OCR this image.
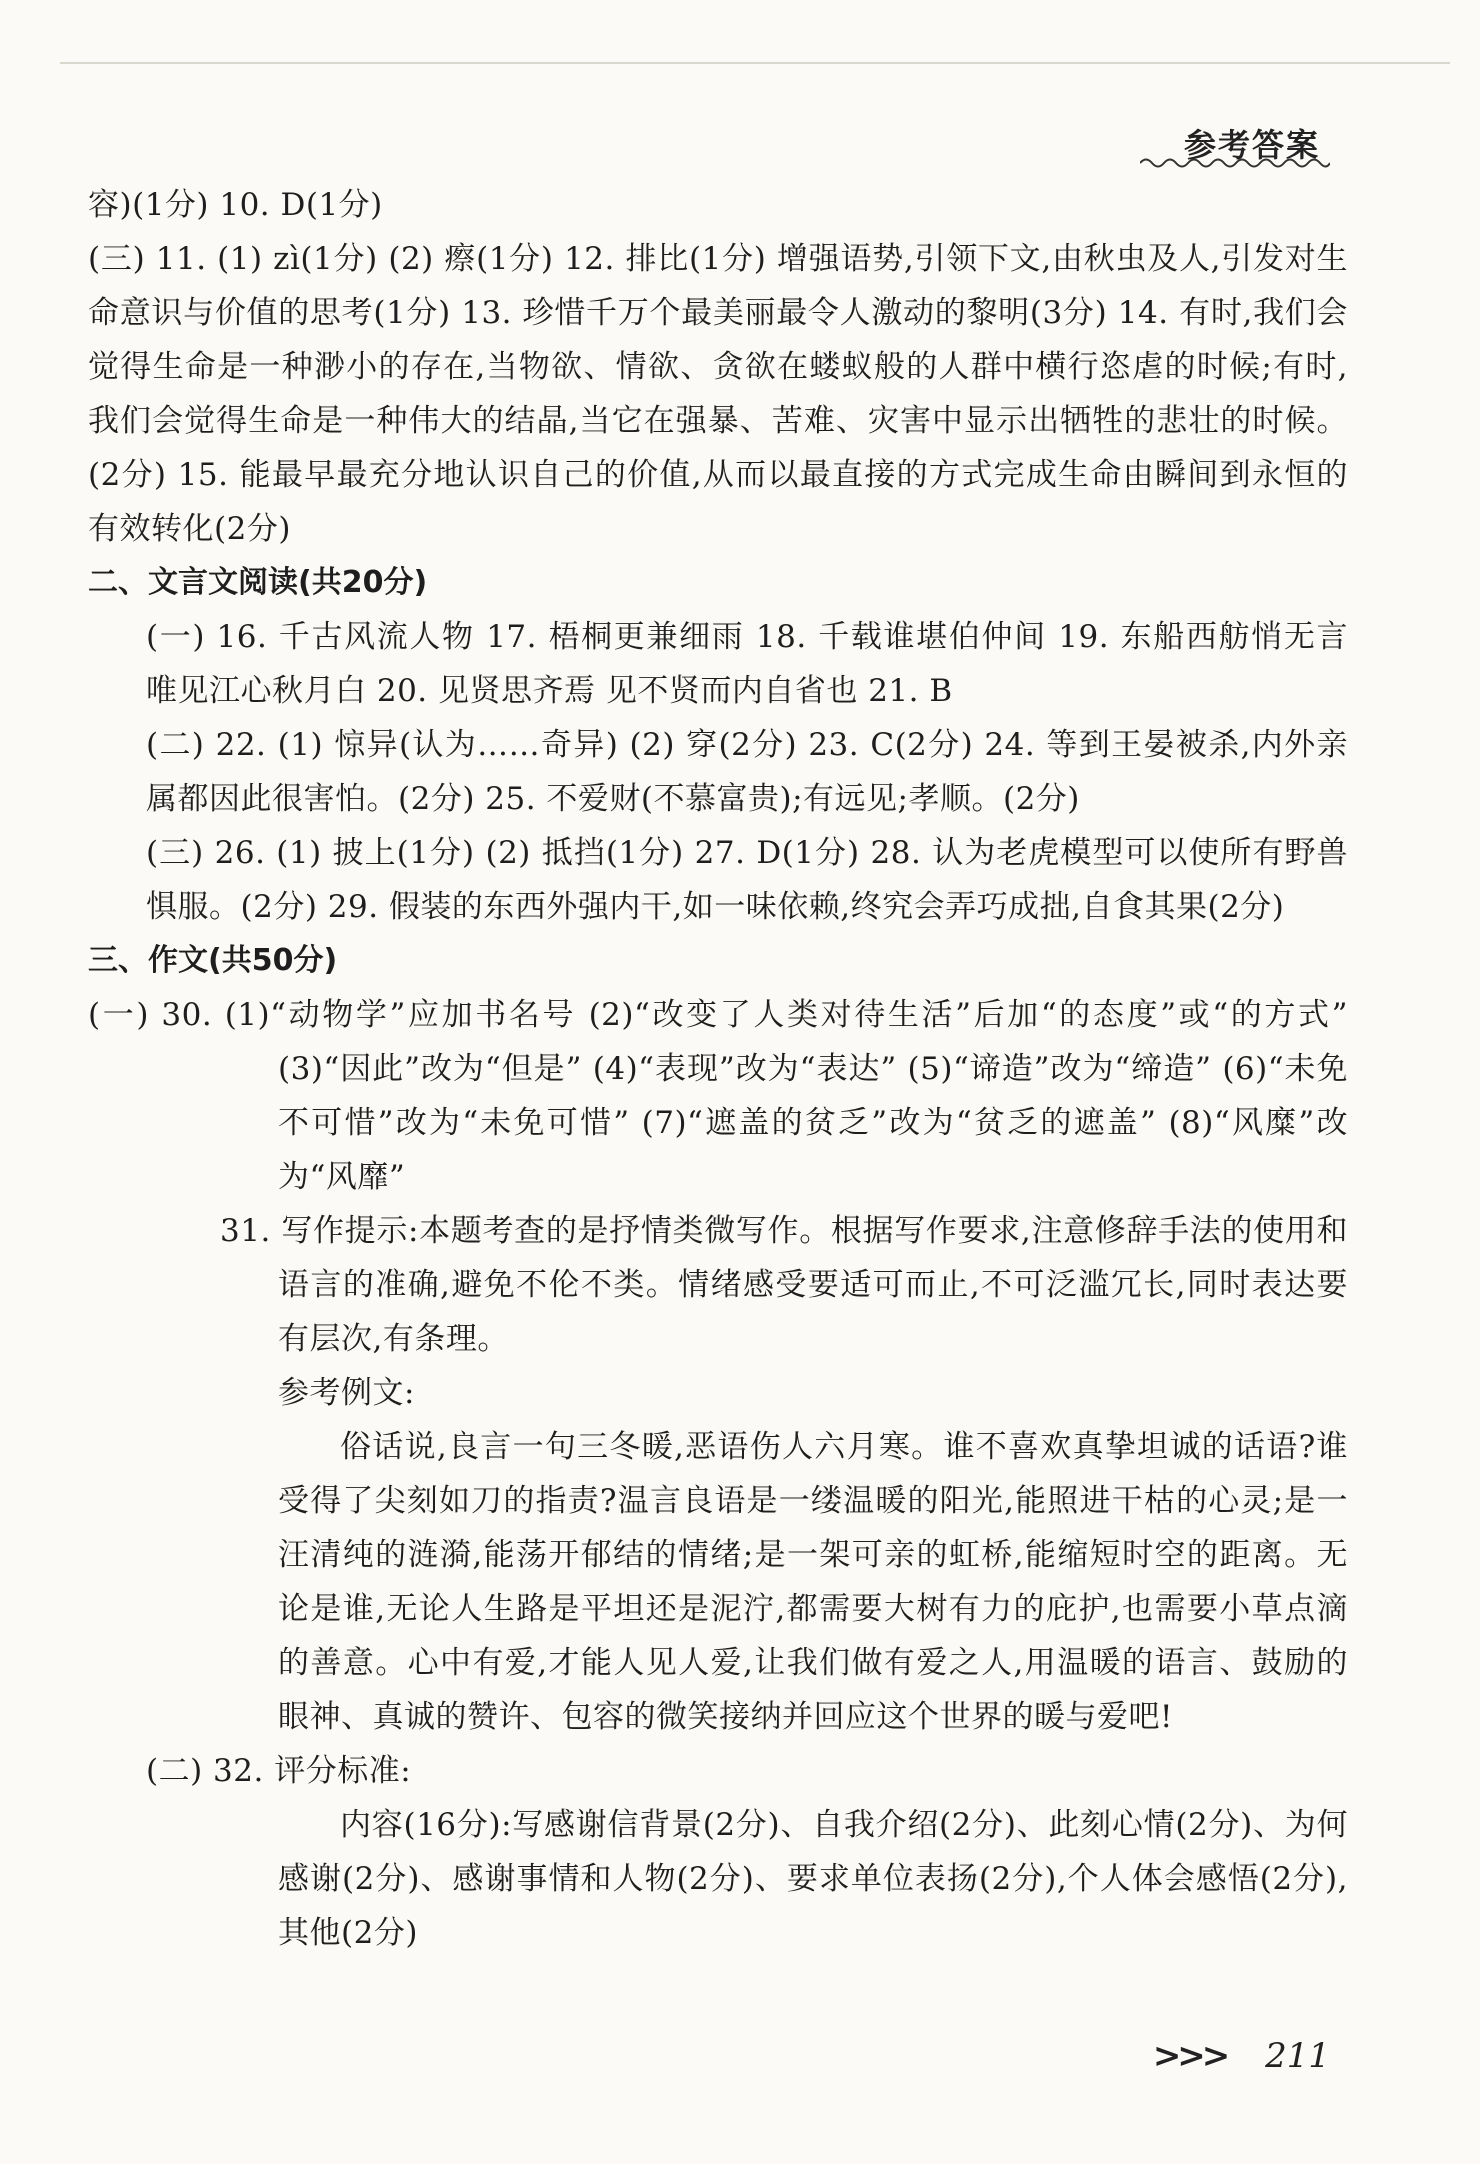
参考答案

容)(1分) 10. D(1分)

(三) 11. (1) zì(1分) (2) 瘵(1分) 12. 排比(1分) 增强语势,引领下文,由秋虫及人,引发对生命意识与价值的思考(1分) 13. 珍惜千万个最美丽最令人激动的黎明(3分) 14. 有时,我们会觉得生命是一种渺小的存在,当物欲、情欲、贪欲在蝼蚁般的人群中横行恣虐的时候;有时,我们会觉得生命是一种伟大的结晶,当它在强暴、苦难、灾害中显示出牺牲的悲壮的时候。(2分) 15. 能最早最充分地认识自己的价值,从而以最直接的方式完成生命由瞬间到永恒的有效转化(2分)

二、文言文阅读(共20分)

(一) 16. 千古风流人物 17. 梧桐更兼细雨 18. 千载谁堪伯仲间 19. 东船西舫悄无言 唯见江心秋月白 20. 见贤思齐焉 见不贤而内自省也 21. B

(二) 22. (1) 惊异(认为……奇异) (2) 穿(2分) 23. C(2分) 24. 等到王晏被杀,内外亲属都因此很害怕。(2分) 25. 不爱财(不慕富贵);有远见;孝顺。(2分)

(三) 26. (1) 披上(1分) (2) 抵挡(1分) 27. D(1分) 28. 认为老虎模型可以使所有野兽惧服。(2分) 29. 假装的东西外强内干,如一味依赖,终究会弄巧成拙,自食其果(2分)

三、作文(共50分)

(一) 30. (1)“动物学”应加书名号 (2)“改变了人类对待生活”后加“的态度”或“的方式” (3)“因此”改为“但是” (4)“表现”改为“表达” (5)“谛造”改为“缔造” (6)“未免不可惜”改为“未免可惜” (7)“遮盖的贫乏”改为“贫乏的遮盖” (8)“风糜”改为“风靡”

31. 写作提示:本题考查的是抒情类微写作。根据写作要求,注意修辞手法的使用和语言的准确,避免不伦不类。情绪感受要适可而止,不可泛滥冗长,同时表达要有层次,有条理。

参考例文:

俗话说,良言一句三冬暖,恶语伤人六月寒。谁不喜欢真挚坦诚的话语?谁受得了尖刻如刀的指责?温言良语是一缕温暖的阳光,能照进干枯的心灵;是一汪清纯的涟漪,能荡开郁结的情绪;是一架可亲的虹桥,能缩短时空的距离。无论是谁,无论人生路是平坦还是泥泞,都需要大树有力的庇护,也需要小草点滴的善意。心中有爱,才能人见人爱,让我们做有爱之人,用温暖的语言、鼓励的眼神、真诚的赞许、包容的微笑接纳并回应这个世界的暖与爱吧!

(二) 32. 评分标准:

内容(16分):写感谢信背景(2分)、自我介绍(2分)、此刻心情(2分)、为何感谢(2分)、感谢事情和人物(2分)、要求单位表扬(2分),个人体会感悟(2分),其他(2分)

>>> 211
